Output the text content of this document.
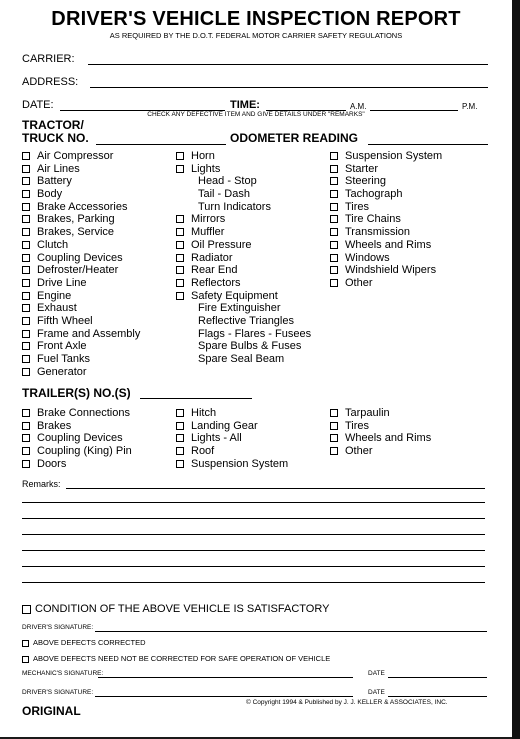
DRIVER'S VEHICLE INSPECTION REPORT
AS REQUIRED BY THE D.O.T. FEDERAL MOTOR CARRIER SAFETY REGULATIONS
CARRIER:
ADDRESS:
DATE:	TIME:	A.M.	P.M.
CHECK ANY DEFECTIVE ITEM AND GIVE DETAILS UNDER "REMARKS"
TRACTOR/
TRUCK NO.	ODOMETER READING
Air Compressor
Air Lines
Battery
Body
Brake Accessories
Brakes, Parking
Brakes, Service
Clutch
Coupling Devices
Defroster/Heater
Drive Line
Engine
Exhaust
Fifth Wheel
Frame and Assembly
Front Axle
Fuel Tanks
Generator
Horn
Lights
Head - Stop
Tail - Dash
Turn Indicators
Mirrors
Muffler
Oil Pressure
Radiator
Rear End
Reflectors
Safety Equipment
Fire Extinguisher
Reflective Triangles
Flags - Flares - Fusees
Spare Bulbs & Fuses
Spare Seal Beam
Suspension System
Starter
Steering
Tachograph
Tires
Tire Chains
Transmission
Wheels and Rims
Windows
Windshield Wipers
Other
TRAILER(S) NO.(S)
Brake Connections
Brakes
Coupling Devices
Coupling (King) Pin
Doors
Hitch
Landing Gear
Lights - All
Roof
Suspension System
Tarpaulin
Tires
Wheels and Rims
Other
Remarks:
CONDITION OF THE ABOVE VEHICLE IS SATISFACTORY
DRIVER'S SIGNATURE:
ABOVE DEFECTS CORRECTED
ABOVE DEFECTS NEED NOT BE CORRECTED FOR SAFE OPERATION OF VEHICLE
MECHANIC'S SIGNATURE:	DATE
DRIVER'S SIGNATURE:	DATE
© Copyright 1994 & Published by J. J. KELLER & ASSOCIATES, INC.
ORIGINAL
